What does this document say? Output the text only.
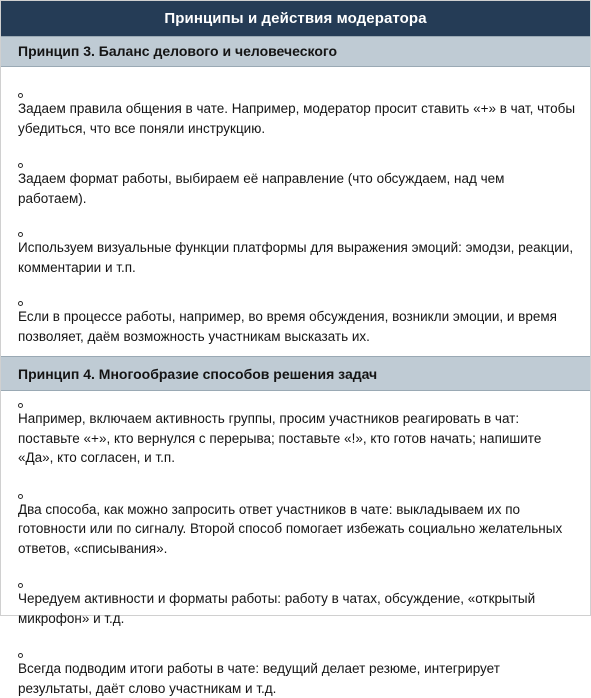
Принципы и действия модератора
Принцип 3. Баланс делового и человеческого
Задаем правила общения в чате. Например, модератор просит ставить «+» в чат, чтобы убедиться, что все поняли инструкцию.
Задаем формат работы, выбираем её направление (что обсуждаем, над чем работаем).
Используем визуальные функции платформы для выражения эмоций: эмодзи, реакции, комментарии и т.п.
Если в процессе работы, например, во время обсуждения, возникли эмоции, и время позволяет, даём возможность участникам высказать их.
Принцип 4. Многообразие способов решения задач
Например, включаем активность группы, просим участников реагировать в чат: поставьте «+», кто вернулся с перерыва; поставьте «!», кто готов начать; напишите «Да», кто согласен, и т.п.
Два способа, как можно запросить ответ участников в чате: выкладываем их по готовности или по сигналу. Второй способ помогает избежать социально желательных ответов, «списывания».
Чередуем активности и форматы работы: работу в чатах, обсуждение, «открытый микрофон» и т.д.
Всегда подводим итоги работы в чате: ведущий делает резюме, интегрирует результаты, даёт слово участникам и т.д.
